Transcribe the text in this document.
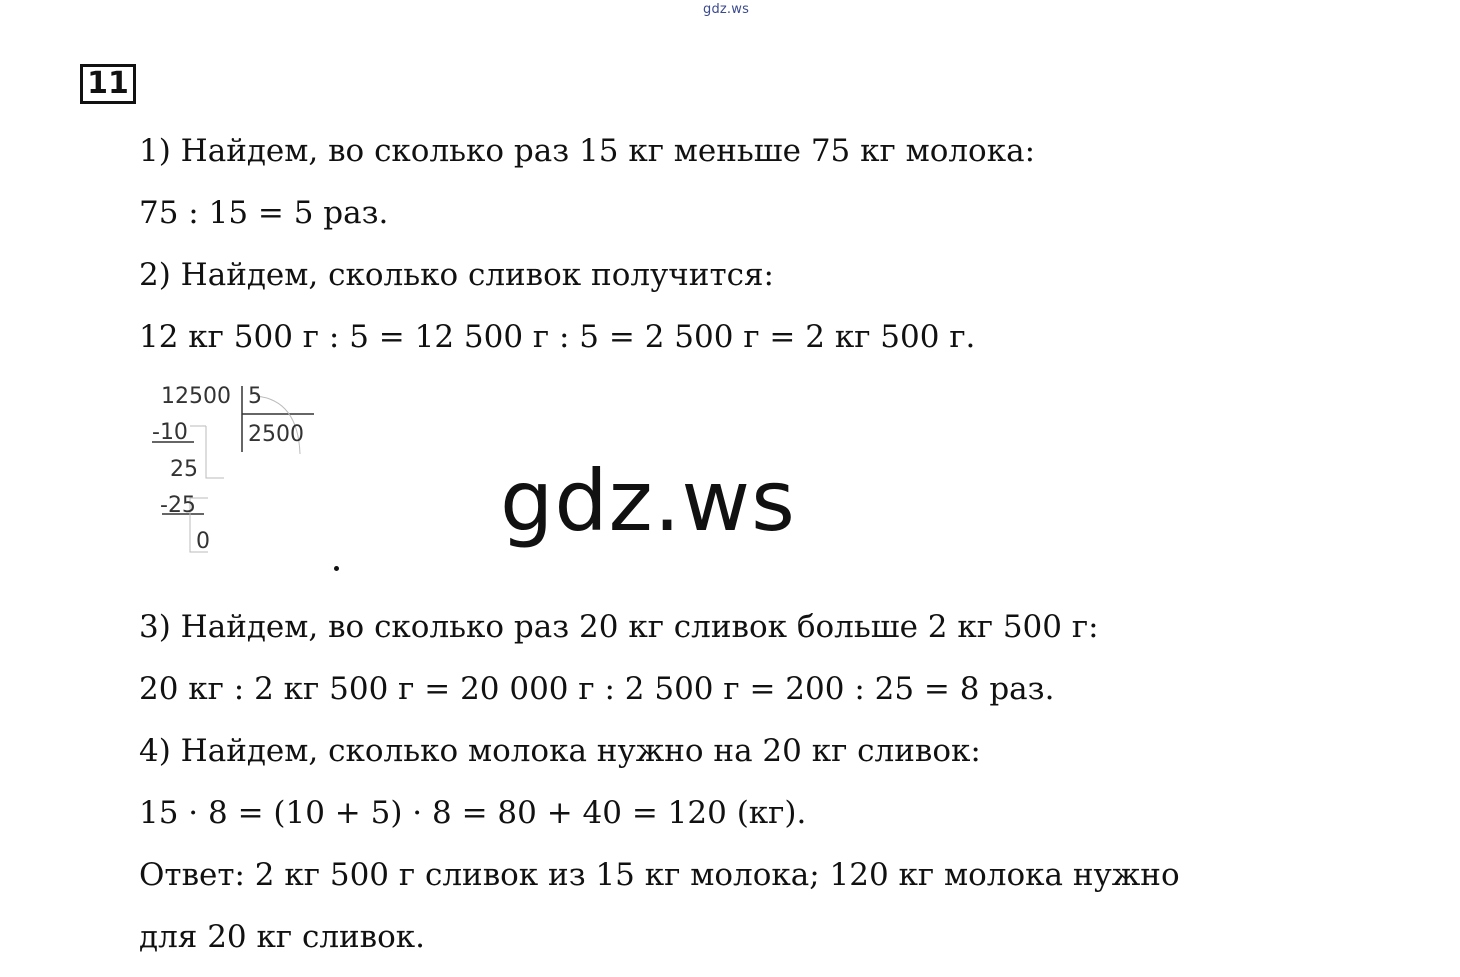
gdz.ws
11
1) Найдем, во сколько раз 15 кг меньше 75 кг молока:
75 : 15 = 5 раз.
2) Найдем, сколько сливок получится:
12 кг 500 г : 5 = 12 500 г : 5 = 2 500 г = 2 кг 500 г.
12500 5
2500
-10
25
-25
0	gdz.ws
3) Найдем, во сколько раз 20 кг сливок больше 2 кг 500 г:
20 кг : 2 кг 500 г = 20 000 г : 2 500 г = 200 : 25 = 8 раз.
4) Найдем, сколько молока нужно на 20 кг сливок:
15 · 8 = (10 + 5) · 8 = 80 + 40 = 120 (кг).
Ответ: 2 кг 500 г сливок из 15 кг молока; 120 кг молока нужно
для 20 кг сливок.
